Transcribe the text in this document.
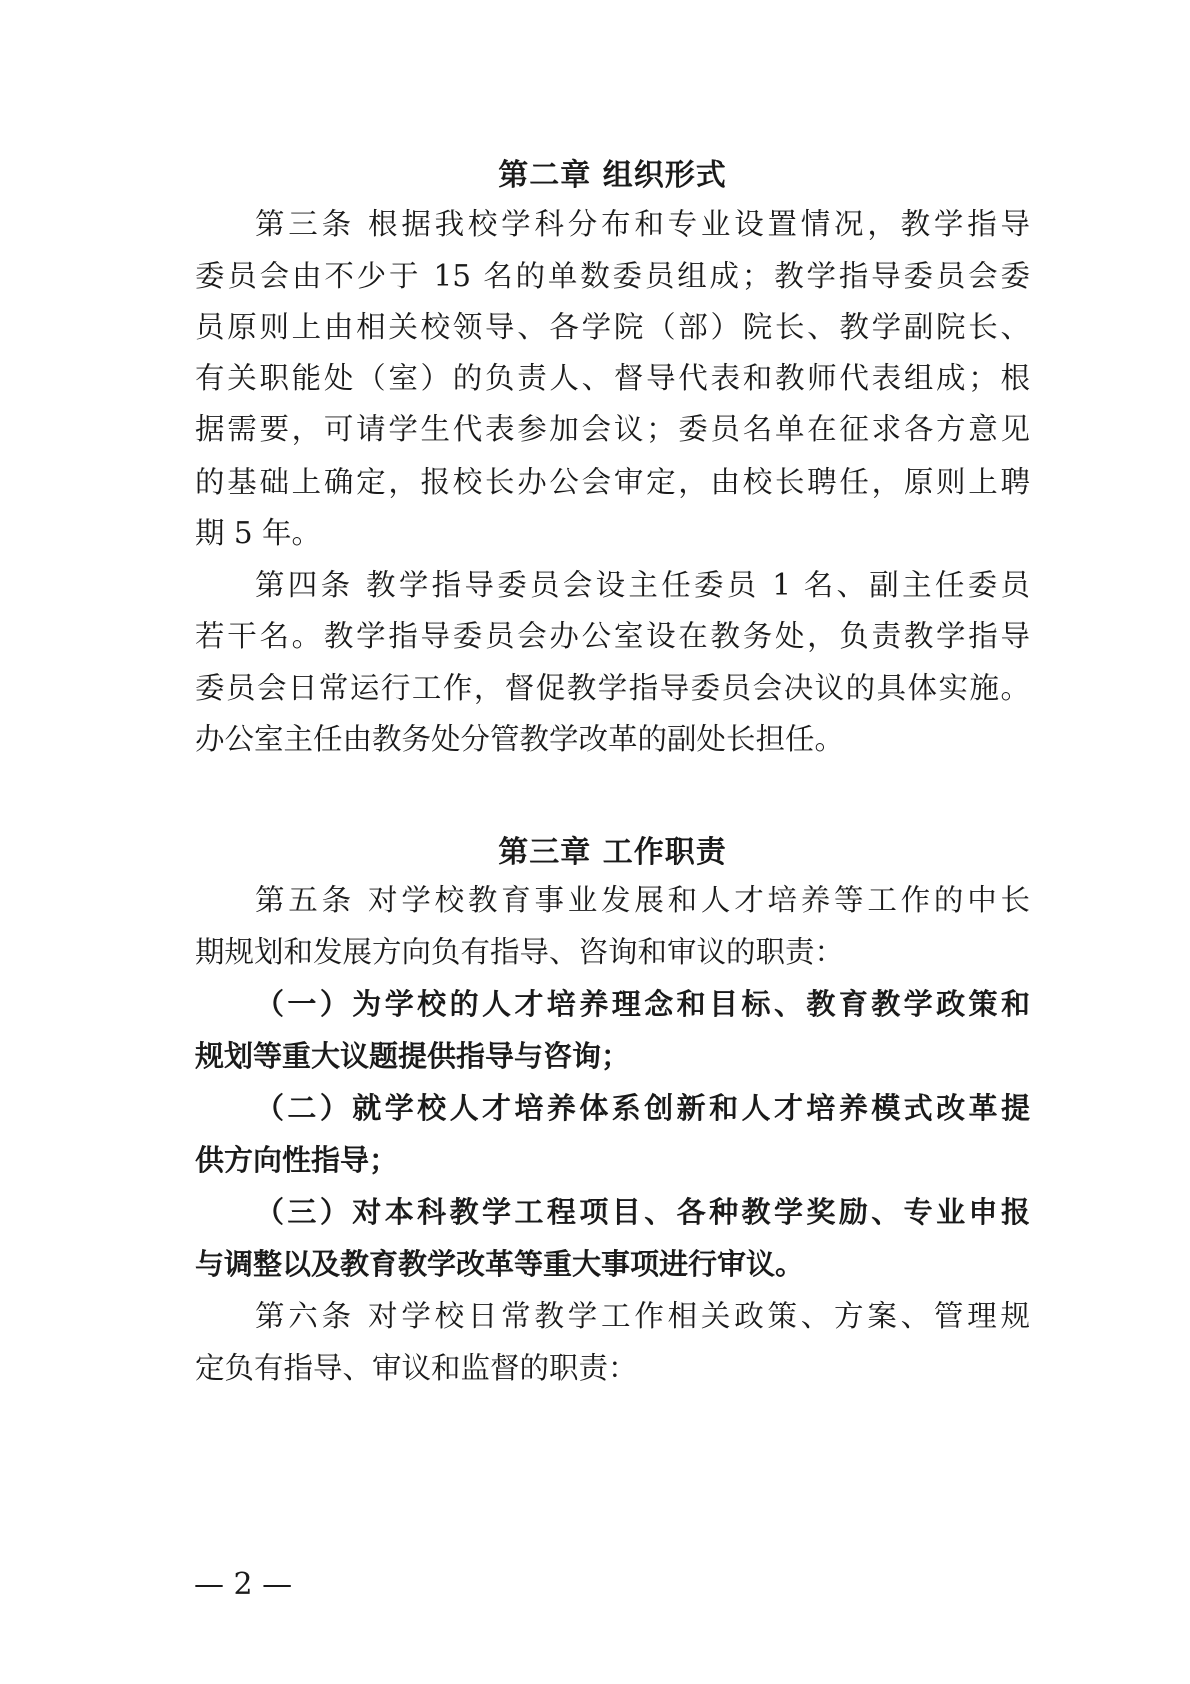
第二章 组织形式
第三条 根据我校学科分布和专业设置情况，教学指导
委员会由不少于 15 名的单数委员组成；教学指导委员会委
员原则上由相关校领导、各学院（部）院长、教学副院长、
有关职能处（室）的负责人、督导代表和教师代表组成；根
据需要，可请学生代表参加会议；委员名单在征求各方意见
的基础上确定，报校长办公会审定，由校长聘任，原则上聘
期 5 年。
第四条 教学指导委员会设主任委员 1 名、副主任委员
若干名。教学指导委员会办公室设在教务处，负责教学指导
委员会日常运行工作，督促教学指导委员会决议的具体实施。
办公室主任由教务处分管教学改革的副处长担任。
第三章 工作职责
第五条 对学校教育事业发展和人才培养等工作的中长
期规划和发展方向负有指导、咨询和审议的职责：
（一）为学校的人才培养理念和目标、教育教学政策和
规划等重大议题提供指导与咨询；
（二）就学校人才培养体系创新和人才培养模式改革提
供方向性指导；
（三）对本科教学工程项目、各种教学奖励、专业申报
与调整以及教育教学改革等重大事项进行审议。
第六条 对学校日常教学工作相关政策、方案、管理规
定负有指导、审议和监督的职责：
— 2 —
